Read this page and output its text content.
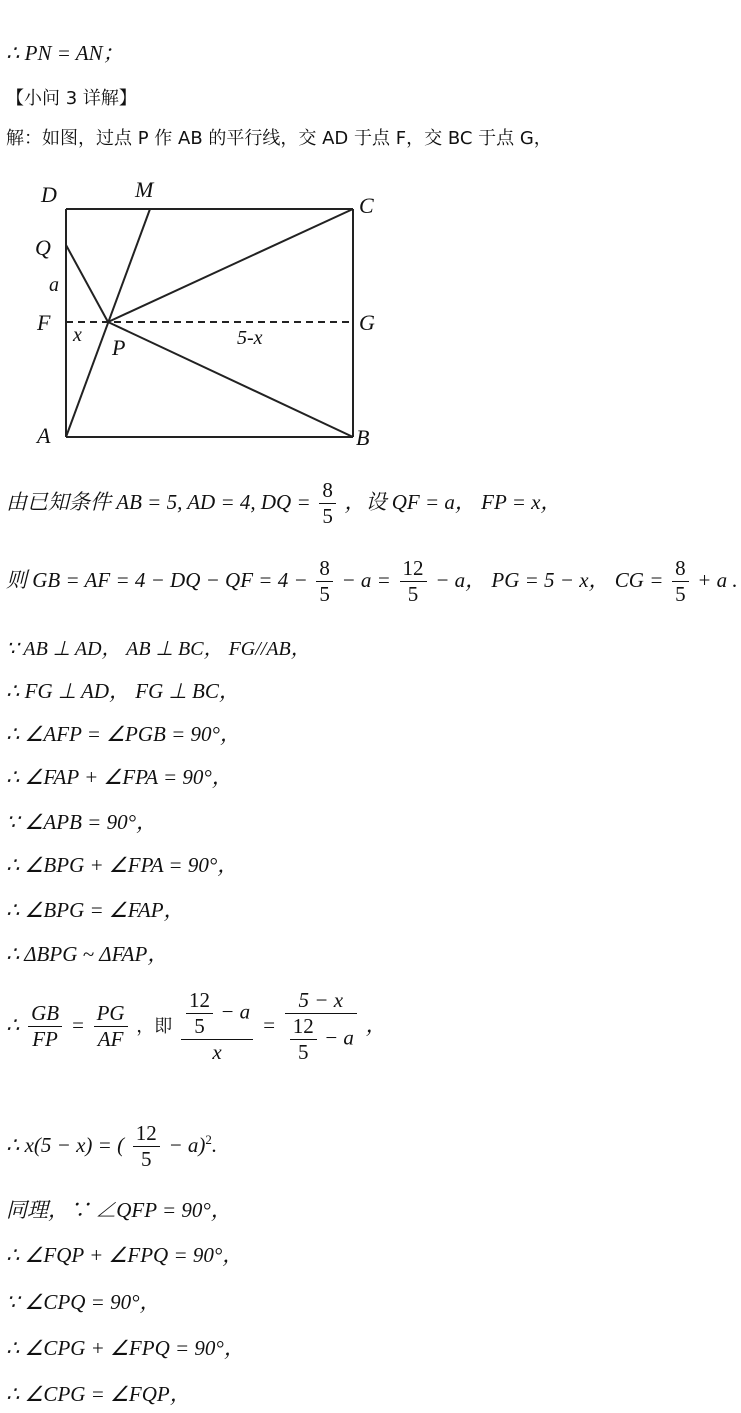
∴ PN = AN；
【小问 3 详解】
解：如图，过点 P 作 AB 的平行线，交 AD 于点 F，交 BC 于点 G，
D	M
C
Q
a
F x P	5-x
G
A	B
由已知条件 AB = 5, AD = 4, DQ = $\frac{8}{5}$ ，设 QF = a， FP = x，
则 GB = AF = 4 − DQ − QF = $4 - \frac{8}{5} - a = \frac{12}{5} - a$， PG = 5 − x， CG = $\frac{8}{5} + a$ .
∵ AB ⊥ AD， AB ⊥ BC， FG//AB，
∴ FG ⊥ AD， FG ⊥ BC，
∴ ∠AFP = ∠PGB = 90°，
∴ ∠FAP + ∠FPA = 90°，
∵ ∠APB = 90°，
∴ ∠BPG + ∠FPA = 90°，
∴ ∠BPG = ∠FAP，
∴ ΔBPG ~ ΔFAP，
∴ $\frac{GB}{FP} = \frac{PG}{AF}$ ，即 $\frac{\frac{12}{5} - a}{x} = \frac{5 - x}{\frac{12}{5} - a}$ ，
∴ x(5 − x) = ( $\frac{12}{5} - a)^2$.
同理，∵ ∠QFP = 90°，
∴ ∠FQP + ∠FPQ = 90°，
∵ ∠CPQ = 90°，
∴ ∠CPG + ∠FPQ = 90°，
∴ ∠CPG = ∠FQP，
